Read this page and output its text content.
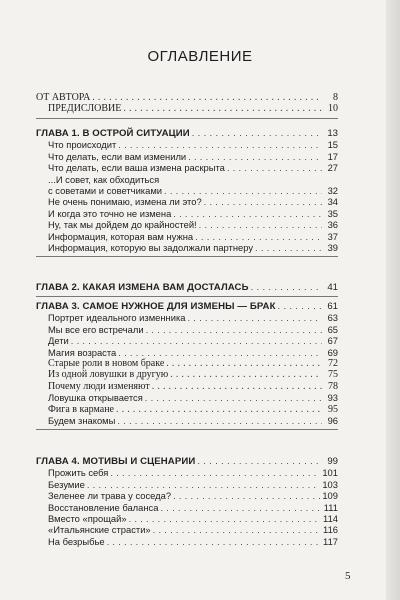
ОГЛАВЛЕНИЕ
ОТ АВТОРА . . .	8
ПРЕДИСЛОВИЕ . . .	10
ГЛАВА 1. В ОСТРОЙ СИТУАЦИИ . . .	13
Что происходит . . .	15
Что делать, если вам изменили . . .	17
Что делать, если ваша измена раскрыта . . .	27
...И совет, как обходиться
с советами и советчиками . . .	32
Не очень понимаю, измена ли это? . . .	34
И когда это точно не измена . . .	35
Ну, так мы дойдем до крайностей! . . .	36
Информация, которая вам нужна . . .	37
Информация, которую вы задолжали партнеру . . .	39
ГЛАВА 2. КАКАЯ ИЗМЕНА ВАМ ДОСТАЛАСЬ . . .	41
ГЛАВА 3. САМОЕ НУЖНОЕ ДЛЯ ИЗМЕНЫ — БРАК . . .	61
Портрет идеального изменника . . .	63
Мы все его встречали . . .	65
Дети . . .	67
Магия возраста . . .	69
Старые роли в новом браке . . .	72
Из одной ловушки в другую . . .	75
Почему люди изменяют . . .	78
Ловушка открывается . . .	93
Фига в кармане . . .	95
Будем знакомы . . .	96
ГЛАВА 4. МОТИВЫ И СЦЕНАРИИ . . .	99
Прожить себя . . .	101
Безумие . . .	103
Зеленее ли трава у соседа? . . .	109
Восстановление баланса . . .	111
Вместо «прощай» . . .	114
«Итальянские страсти» . . .	116
На безрыбье . . .	117
5
